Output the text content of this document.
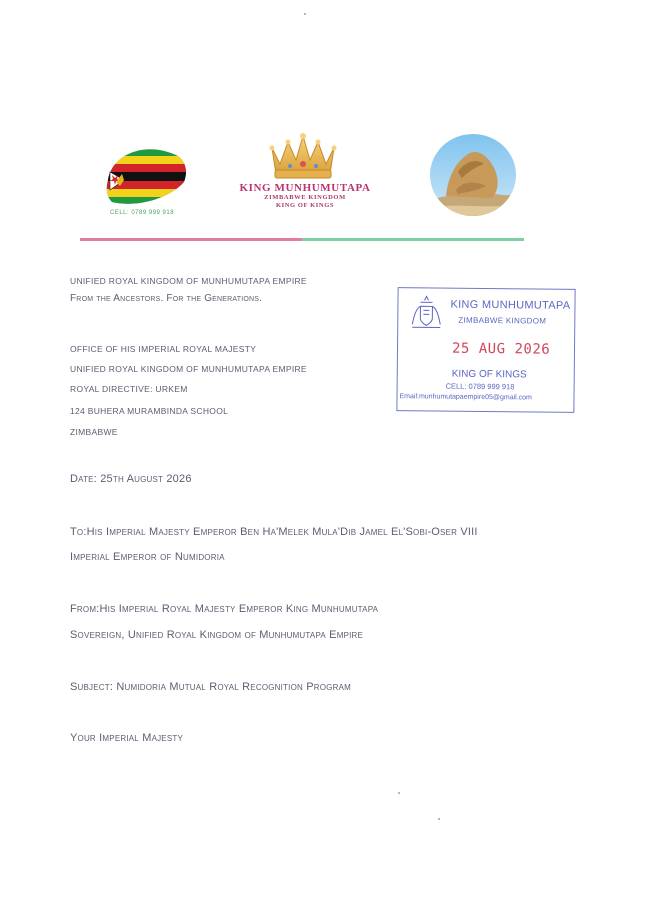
CELL: 0789 999 918
KING MUNHUMUTAPA
ZIMBABWE KINGDOM
KING OF KINGS
KING MUNHUMUTAPA
ZIMBABWE KINGDOM
25 AUG 2026
KING OF KINGS
CELL: 0789 999 918
Email:munhumutapaempire05@gmail.com
UNIFIED ROYAL KINGDOM OF MUNHUMUTAPA EMPIRE
From the Ancestors. For the Generations.
OFFICE OF HIS IMPERIAL ROYAL MAJESTY
UNIFIED ROYAL KINGDOM OF MUNHUMUTAPA EMPIRE
ROYAL DIRECTIVE: URKEM
124 BUHERA MURAMBINDA SCHOOL
ZIMBABWE
Date: 25th August 2026
To:His Imperial Majesty Emperor Ben Ha'Melek Mula'Dib Jamel El'Sobi-Oser VIII
Imperial Emperor of Numidoria
From:His Imperial Royal Majesty Emperor King Munhumutapa
Sovereign, Unified Royal Kingdom of Munhumutapa Empire
Subject: Numidoria Mutual Royal Recognition Program
Your Imperial Majesty
